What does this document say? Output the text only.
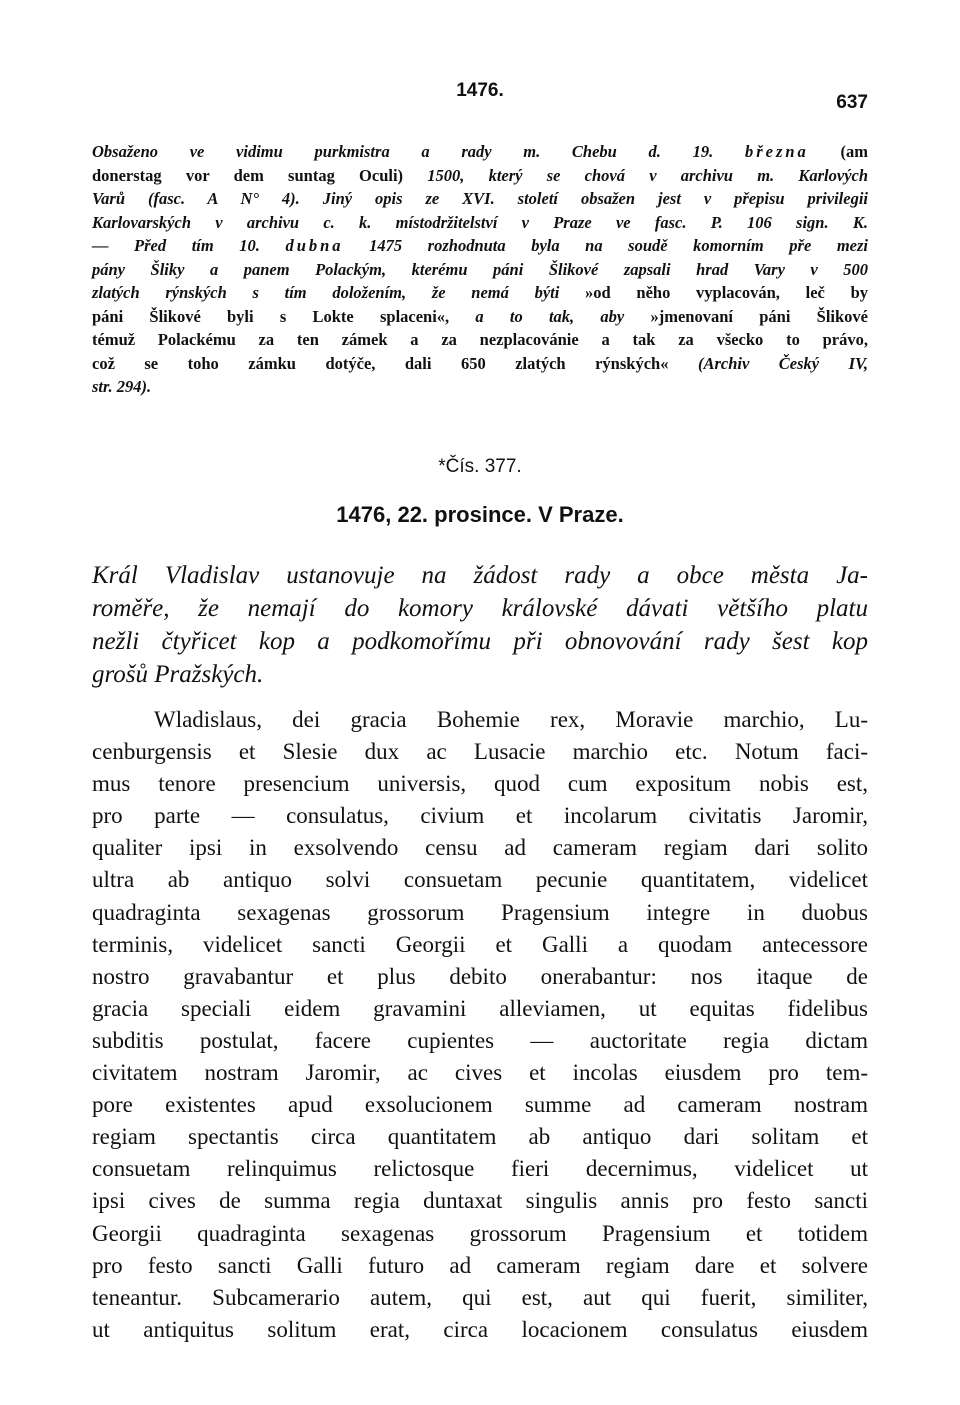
1476.
637
Obsaženo ve vidimu purkmistra a rady m. Chebu d. 19. března (am
donerstag vor dem suntag Oculi) 1500, který se chová v archivu m. Karlových
Varů (fasc. A N° 4). Jiný opis ze XVI. století obsažen jest v přepisu privilegii
Karlovarských v archivu c. k. místodržitelství v Praze ve fasc. P. 106 sign. K.
— Před tím 10. dubna 1475 rozhodnuta byla na soudě komorním pře mezi
pány Šliky a panem Polackým, kterému páni Šlikové zapsali hrad Vary v 500
zlatých rýnských s tím doložením, že nemá býti »od něho vyplacován, leč by
páni Šlikové byli s Lokte splaceni«, a to tak, aby »jmenovaní páni Šlikové
témuž Polackému za ten zámek a za nezplacovánie a tak za všecko to právo,
což se toho zámku dotýče, dali 650 zlatých rýnských« (Archiv Český IV,
str. 294).
*Čís. 377.
1476, 22. prosince. V Praze.
Král Vladislav ustanovuje na žádost rady a obce města Ja-
roměře, že nemají do komory královské dávati většího platu
nežli čtyřicet kop a podkomořímu při obnovování rady šest kop
grošů Pražských.
Wladislaus, dei gracia Bohemie rex, Moravie marchio, Lu-
cenburgensis et Slesie dux ac Lusacie marchio etc. Notum faci-
mus tenore presencium universis, quod cum expositum nobis est,
pro parte — consulatus, civium et incolarum civitatis Jaromir,
qualiter ipsi in exsolvendo censu ad cameram regiam dari solito
ultra ab antiquo solvi consuetam pecunie quantitatem, videlicet
quadraginta sexagenas grossorum Pragensium integre in duobus
terminis, videlicet sancti Georgii et Galli a quodam antecessore
nostro gravabantur et plus debito onerabantur: nos itaque de
gracia speciali eidem gravamini alleviamen, ut equitas fidelibus
subditis postulat, facere cupientes — auctoritate regia dictam
civitatem nostram Jaromir, ac cives et incolas eiusdem pro tem-
pore existentes apud exsolucionem summe ad cameram nostram
regiam spectantis circa quantitatem ab antiquo dari solitam et
consuetam relinquimus relictosque fieri decernimus, videlicet ut
ipsi cives de summa regia duntaxat singulis annis pro festo sancti
Georgii quadraginta sexagenas grossorum Pragensium et totidem
pro festo sancti Galli futuro ad cameram regiam dare et solvere
teneantur. Subcamerario autem, qui est, aut qui fuerit, similiter,
ut antiquitus solitum erat, circa locacionem consulatus eiusdem
